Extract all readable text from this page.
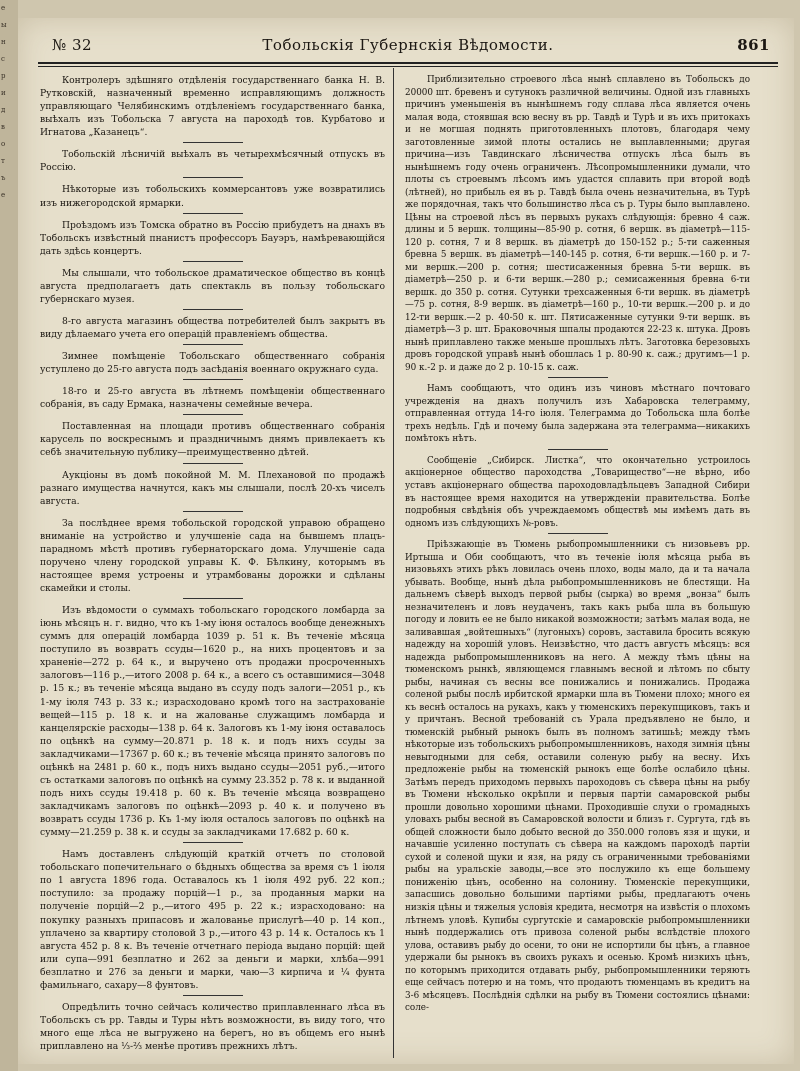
е
ы
н
с
р
и
д
в
о
т
ъ
е
№ 32	Тобольскія Губернскія Вѣдомости.	861

Контролеръ здѣшняго отдѣленія государственнаго банка Н. В. Рутковскій, назначенный временно исправляющимъ должность управляющаго Челябинскимъ отдѣленіемъ государственнаго банка, выѣхалъ изъ Тобольска 7 августа на пароходѣ тов. Курбатово и Игнатова „Казанецъ“.

Тобольскій лѣсничій выѣхалъ въ четырехмѣсячный отпускъ въ Россію.

Нѣкоторые изъ тобольскихъ коммерсантовъ уже возвратились изъ нижегородской ярмарки.

Проѣздомъ изъ Томска обратно въ Россію прибудетъ на днахъ въ Тобольскъ извѣстный пнанистъ профессоръ Бауэръ, намѣревающійся дать здѣсь концертъ.

Мы слышали, что тобольское драматическое общество въ концѣ августа предполагаетъ дать спектакль въ пользу тобольскаго губернскаго музея.

8-го августа магазинъ общества потребителей былъ закрытъ въ виду дѣлаемаго учета его операцій правленіемъ общества.

Зимнее помѣщеніе Тобольскаго общественнаго собранія уступлено до 25-го августа подъ засѣданія военнаго окружнаго суда.

18-го и 25-го августа въ лѣтнемъ помѣщеніи общественнаго собранія, въ саду Ермака, назначены семейные вечера.

Поставленная на площади противъ общественнаго собранія карусель по воскреснымъ и праздничнымъ днямъ привлекаетъ къ себѣ значительную публику—преимущественно дѣтей.

Аукціоны въ домѣ покойной М. М. Плехановой по продажѣ разнаго имущества начнутся, какъ мы слышали, послѣ 20-хъ чиселъ августа.

За послѣднее время тобольской городской управою обращено вниманіе на устройство и улучшеніе сада на бывшемъ плацъ-парадномъ мѣстѣ противъ губернаторскаго дома. Улучшеніе сада поручено члену городской управы К. Ф. Бѣлкину, которымъ въ настоящее время устроены и утрамбованы дорожки и сдѣланы скамейки и столы.

Изъ вѣдомости о суммахъ тобольскаго городского ломбарда за іюнь мѣсяцъ н. г. видно, что къ 1-му іюня осталось вообще денежныхъ суммъ для операцій ломбарда 1039 р. 51 к. Въ теченіе мѣсяца поступило въ возвратъ ссуды—1620 р., на нихъ процентовъ и за храненіе—272 р. 64 к., и выручено отъ продажи просроченныхъ залоговъ—116 р.,—итого 2008 р. 64 к., а всего съ оставшимися—3048 р. 15 к.; въ теченіе мѣсяца выдано въ ссуду подъ залоги—2051 р., къ 1-му іюля 743 р. 33 к.; израсходовано кромѣ того на застрахованіе вещей—115 р. 18 к. и на жалованье служащимъ ломбарда и канцелярскіе расходы—138 р. 64 к. Залоговъ къ 1-му іюня оставалось по оцѣнкѣ на сумму—20.871 р. 18 к. и подъ нихъ ссуды за закладчиками—17367 р. 60 к.; въ теченіе мѣсяца принято залоговъ по оцѣнкѣ на 2481 р. 60 к., подъ нихъ выдано ссуды—2051 руб.,—итого съ остатками залоговъ по оцѣнкѣ на сумму 23.352 р. 78 к. и выданной подъ нихъ ссуды 19.418 р. 60 к. Въ теченіе мѣсяца возвращено закладчикамъ залоговъ по оцѣнкѣ—2093 р. 40 к. и получено въ возвратъ ссуды 1736 р. Къ 1-му іюля осталось залоговъ по оцѣнкѣ на сумму—21.259 р. 38 к. и ссуды за закладчиками 17.682 р. 60 к.

Намъ доставленъ слѣдующій краткій отчетъ по столовой тобольскаго попечительнаго о бѣдныхъ общества за время съ 1 іюля по 1 августа 1896 года. Оставалось къ 1 іюля 492 руб. 22 коп.; поступило: за продажу порцій—1 р., за проданныя марки на полученіе порцій—2 р.,—итого 495 р. 22 к.; израсходовано: на покупку разныхъ припасовъ и жалованье прислугѣ—40 р. 14 коп., уплачено за квартиру столовой 3 р.,—итого 43 р. 14 к. Осталось къ 1 августа 452 р. 8 к. Въ теченіе отчетнаго періода выдано порцій: щей или супа—991 безплатно и 262 за деньги и марки, хлѣба—991 безплатно и 276 за деньги и марки, чаю—3 кирпича и ¼ фунта фамильнаго, сахару—8 фунтовъ.

Опредѣлить точно сейчасъ количество приплавленнаго лѣса въ Тобольскъ съ рр. Тавды и Туры нѣтъ возможности, въ виду того, что много еще лѣса не выгружено на берегъ, но въ общемъ его нынѣ приплавлено на ⅓-⅔ менѣе противъ прежнихъ лѣтъ.

Приблизительно строевого лѣса нынѣ сплавлено въ Тобольскъ до 20000 шт. бревенъ и сутунокъ различной величины. Одной изъ главныхъ причинъ уменьшенія въ нынѣшнемъ году сплава лѣса является очень малая вода, стоявшая всю весну въ рр. Тавдѣ и Турѣ и въ ихъ притокахъ и не могшая поднять приготовленныхъ плотовъ, благодаря чему заготовленные зимой плоты остались не выплавленными; другая причина—изъ Тавдинскаго лѣсничества отпускъ лѣса былъ въ нынѣшнемъ году очень ограниченъ. Лѣсопромышленники думали, что плоты съ строевымъ лѣсомъ имъ удастся сплавить при второй водѣ (лѣтней), но прибыль ея въ р. Тавдѣ была очень незначительна, въ Турѣ же порядочная, такъ что большинство лѣса съ р. Туры было выплавлено. Цѣны на строевой лѣсъ въ первыхъ рукахъ слѣдующія: бревно 4 саж. длины и 5 вершк. толщины—85-90 р. сотня, 6 вершк. въ діаметрѣ—115-120 р. сотня, 7 и 8 вершк. въ діаметрѣ до 150-152 р.; 5-ти саженныя бревна 5 вершк. въ діаметрѣ—140-145 р. сотня, 6-ти вершк.—160 р. и 7-ми вершк.—200 р. сотня; шестисаженныя бревна 5-ти вершк. въ діаметрѣ—250 р. и 6-ти вершк.—280 р.; семисаженныя бревна 6-ти вершк. до 350 р. сотня. Сутунки трехсаженныя 6-ти вершк. въ діаметрѣ—75 р. сотня, 8-9 вершк. въ діаметрѣ—160 р., 10-ти вершк.—200 р. и до 12-ти вершк.—2 р. 40-50 к. шт. Пятисаженные сутунки 9-ти вершк. въ діаметрѣ—3 р. шт. Браковочныя шпалы продаются 22-23 к. штука. Дровъ нынѣ приплавлено также меньше прошлыхъ лѣтъ. Заготовка березовыхъ дровъ городской управѣ нынѣ обошлась 1 р. 80-90 к. саж.; другимъ—1 р. 90 к.-2 р. и даже до 2 р. 10-15 к. саж.

Намъ сообщаютъ, что одинъ изъ чиновъ мѣстнаго почтоваго учрежденія на днахъ получилъ изъ Хабаровска телеграмму, отправленная оттуда 14-го іюля. Телеграмма до Тобольска шла болѣе трехъ недѣль. Гдѣ и почему была задержана эта телеграмма—никакихъ помѣтокъ нѣтъ.

Сообщеніе „Сибирск. Листка“, что окончательно устроилось акціонерное общество пароходства „Товарищество“—не вѣрно, ибо уставъ акціонернаго общества пароходовладѣльцевъ Западной Сибири въ настоящее время находится на утвержденіи правительства. Болѣе подробныя свѣдѣнія объ учреждаемомъ обществѣ мы имѣемъ дать въ одномъ изъ слѣдующихъ №-ровъ.

Пріѣзжающіе въ Тюмень рыбопромышленники съ низовьевъ рр. Иртыша и Оби сообщаютъ, что въ теченіе іюля мѣсяца рыба въ низовьяхъ этихъ рѣкъ ловилась очень плохо, воды мало, да и та начала убывать. Вообще, нынѣ дѣла рыбопромышленниковъ не блестящи. На дальнемъ сѣверѣ выходъ первой рыбы (сырка) во время „вонза“ былъ незначителенъ и ловъ неудаченъ, такъ какъ рыба шла въ большую погоду и ловить ее не было никакой возможности; затѣмъ малая вода, не заливавшая „войтешныхъ“ (лугоныхъ) соровъ, заставила бросить всякую надежду на хорошій уловъ. Неизвѣстно, что дастъ августъ мѣсяцъ: вся надежда рыбопромышленниковъ на него. А между тѣмъ цѣны на тюменскомъ рынкѣ, являющемся главнымъ весной и лѣтомъ по сбыту рыбы, начиная съ весны все понижались и понижались. Продажа соленой рыбы послѣ ирбитской ярмарки шла въ Тюмени плохо; много ея къ веснѣ осталось на рукахъ, какъ у тюменскихъ перекупщиковъ, такъ и у причтанъ. Весной требованій съ Урала предъявлено не было, и тюменскій рыбный рынокъ былъ въ полномъ затишьѣ; между тѣмъ нѣкоторые изъ тобольскихъ рыбопромышленниковъ, находя зимнія цѣны невыгодными для себя, оставили соленую рыбу на весну. Ихъ предложеніе рыбы на тюменскій рынокъ еще болѣе ослабило цѣны. Затѣмъ передъ приходомъ первыхъ пароходовъ съ сѣвера цѣны на рыбу въ Тюмени нѣсколько окрѣпли и первыя партіи самаровской рыбы прошли довольно хорошими цѣнами. Проходившіе слухи о громадныхъ уловахъ рыбы весной въ Самаровской волости и близъ г. Сургута, гдѣ въ общей сложности было добыто весной до 350.000 головъ язя и щуки, и начавшіе усиленно поступать съ сѣвера на каждомъ пароходѣ партіи сухой и соленой щуки и язя, на ряду съ ограниченными требованіями рыбы на уральскіе заводы,—все это послужило къ еще большему пониженію цѣнъ, особенно на солонину. Тюменскіе перекупщики, запасшись довольно большими партіями рыбы, предлагаютъ очень низкія цѣны и тяжелыя условія кредита, несмотря на извѣстія о плохомъ лѣтнемъ уловѣ. Купибы сургутскіе и самаровскіе рыбопромышленники нынѣ поддержались отъ привоза соленой рыбы вслѣдствіе плохого улова, оставивъ рыбу до осени, то они не испортили бы цѣнъ, а главное удержали бы рынокъ въ своихъ рукахъ и осенью. Кромѣ низкихъ цѣнъ, по которымъ приходится отдавать рыбу, рыбопромышленники теряютъ еще сейчасъ потерю и на томъ, что продаютъ тюменцамъ въ кредитъ на 3-6 мѣсяцевъ. Послѣднія сдѣлки на рыбу въ Тюмени состоялись цѣнами: соле-
